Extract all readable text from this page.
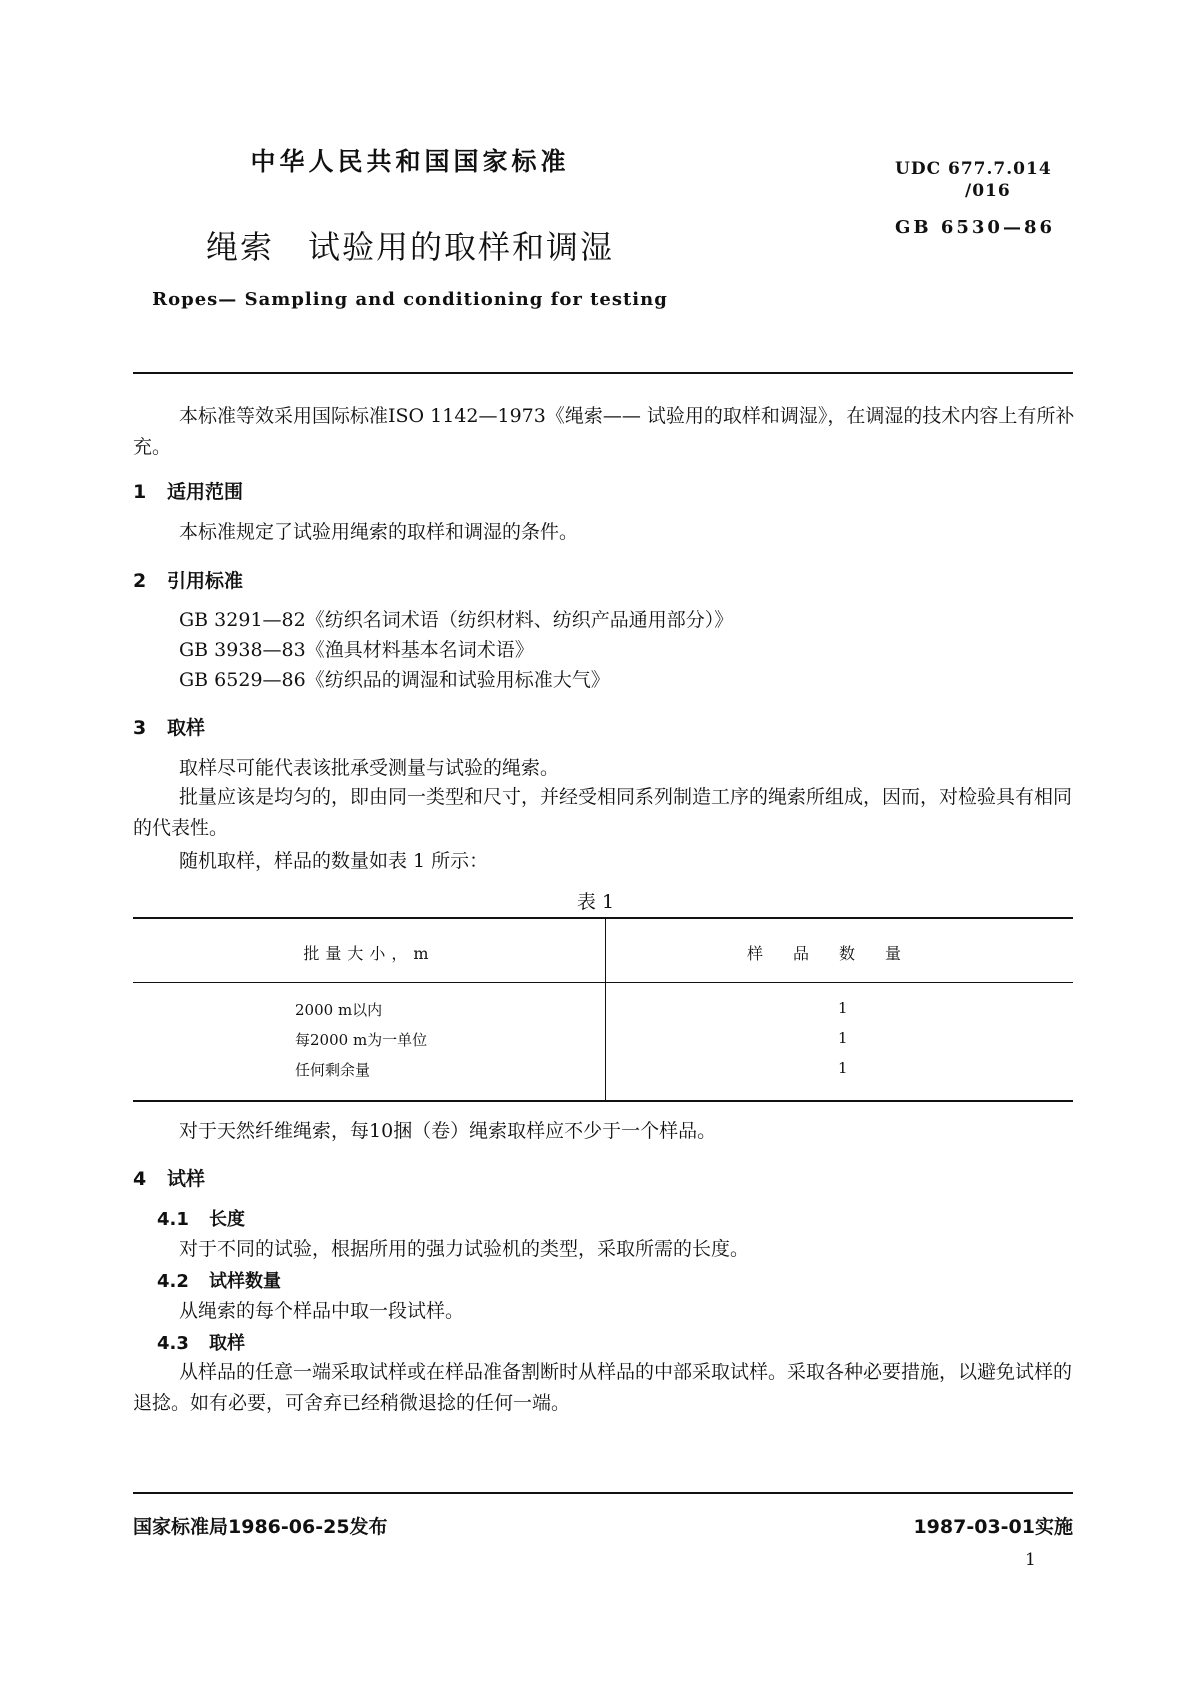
中华人民共和国国家标准	UDC 677.7.014
/016
GB 6530—86
绳索　试验用的取样和调湿
Ropes— Sampling and conditioning for testing
本标准等效采用国际标准ISO 1142—1973《绳索—— 试验用的取样和调湿》，在调湿的技术内容上有所补充。
1 适用范围
本标准规定了试验用绳索的取样和调湿的条件。
2 引用标准
GB 3291—82《纺织名词术语（纺织材料、纺织产品通用部分）》
GB 3938—83《渔具材料基本名词术语》
GB 6529—86《纺织品的调湿和试验用标准大气》
3 取样
取样尽可能代表该批承受测量与试验的绳索。
批量应该是均匀的，即由同一类型和尺寸，并经受相同系列制造工序的绳索所组成，因而，对检验具有相同的代表性。
随机取样，样品的数量如表 1 所示：
表 1
批量大小，m	样品数量
2000 m以内	1
每2000 m为一单位	1
任何剩余量	1
对于天然纤维绳索，每10捆（卷）绳索取样应不少于一个样品。
4 试样
4.1 长度
对于不同的试验，根据所用的强力试验机的类型，采取所需的长度。
4.2 试样数量
从绳索的每个样品中取一段试样。
4.3 取样
从样品的任意一端采取试样或在样品准备割断时从样品的中部采取试样。采取各种必要措施，以避免试样的退捻。如有必要，可舍弃已经稍微退捻的任何一端。
国家标准局1986-06-25发布	1987-03-01实施
1
